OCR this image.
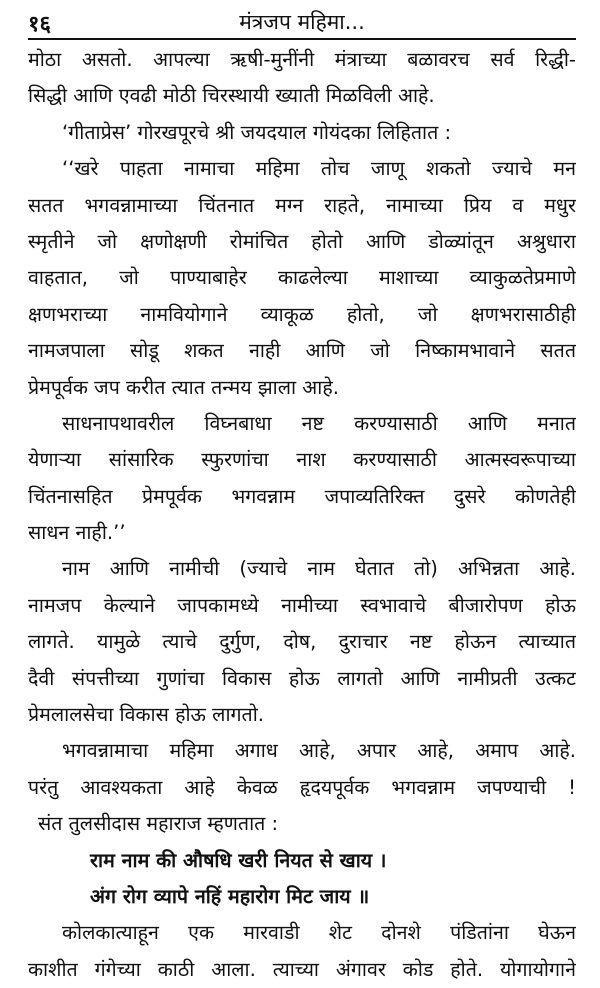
१६	मंत्रजप महिमा...
मोठा असतो. आपल्या ऋषी-मुनींनी मंत्राच्या बळावरच सर्व रिद्धी-
सिद्धी आणि एवढी मोठी चिरस्थायी ख्याती मिळविली आहे.
‘गीताप्रेस’ गोरखपूरचे श्री जयदयाल गोयंदका लिहितात :
‘‘खरे पाहता नामाचा महिमा तोच जाणू शकतो ज्याचे मन
सतत भगवन्नामाच्या चिंतनात मग्न राहते, नामाच्या प्रिय व मधुर
स्मृतीने जो क्षणोक्षणी रोमांचित होतो आणि डोळ्यांतून अश्रुधारा
वाहतात, जो पाण्याबाहेर काढलेल्या माशाच्या व्याकुळतेप्रमाणे
क्षणभराच्या नामवियोगाने व्याकूळ होतो, जो क्षणभरासाठीही
नामजपाला सोडू शकत नाही आणि जो निष्कामभावाने सतत
प्रेमपूर्वक जप करीत त्यात तन्मय झाला आहे.
साधनापथावरील विघ्नबाधा नष्ट करण्यासाठी आणि मनात
येणाऱ्या सांसारिक स्फुरणांचा नाश करण्यासाठी आत्मस्वरूपाच्या
चिंतनासहित प्रेमपूर्वक भगवन्नाम जपाव्यतिरिक्त दुसरे कोणतेही
साधन नाही.’’
नाम आणि नामीची (ज्याचे नाम घेतात तो) अभिन्नता आहे.
नामजप केल्याने जापकामध्ये नामीच्या स्वभावाचे बीजारोपण होऊ
लागते. यामुळे त्याचे दुर्गुण, दोष, दुराचार नष्ट होऊन त्याच्यात
दैवी संपत्तीच्या गुणांचा विकास होऊ लागतो आणि नामीप्रती उत्कट
प्रेमलालसेचा विकास होऊ लागतो.
भगवन्नामाचा महिमा अगाध आहे, अपार आहे, अमाप आहे.
परंतु आवश्यकता आहे केवळ हृदयपूर्वक भगवन्नाम जपण्याची !
संत तुलसीदास महाराज म्हणतात :
राम नाम की औषधि खरी नियत से खाय ।
अंग रोग व्यापे नहिं महारोग मिट जाय ॥
कोलकात्याहून एक मारवाडी शेट दोनशे पंडितांना घेऊन
काशीत गंगेच्या काठी आला. त्याच्या अंगावर कोड होते. योगायोगाने
